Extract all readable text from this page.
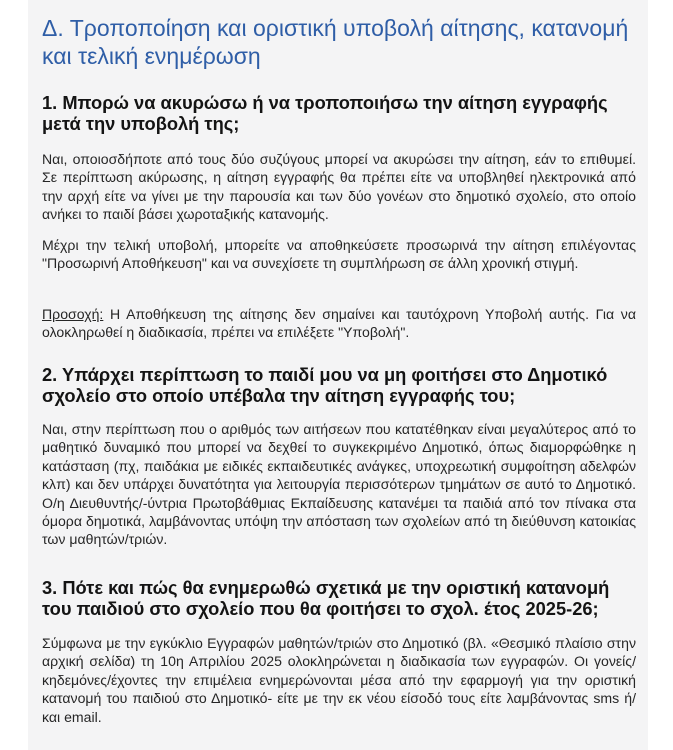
Δ. Τροποποίηση και οριστική υποβολή αίτησης, κατανομή και τελική ενημέρωση
1. Μπορώ να ακυρώσω ή να τροποποιήσω την αίτηση εγγραφής μετά την υποβολή της;

Ναι, οποιοσδήποτε από τους δύο συζύγους μπορεί να ακυρώσει την αίτηση, εάν το επιθυμεί. Σε περίπτωση ακύρωσης, η αίτηση εγγραφής θα πρέπει είτε να υποβληθεί ηλεκτρονικά από την αρχή είτε να γίνει με την παρουσία και των δύο γονέων στο δημοτικό σχολείο, στο οποίο ανήκει το παιδί βάσει χωροταξικής κατανομής.

Μέχρι την τελική υποβολή, μπορείτε να αποθηκεύσετε προσωρινά την αίτηση επιλέγοντας "Προσωρινή Αποθήκευση" και να συνεχίσετε τη συμπλήρωση σε άλλη χρονική στιγμή.

Προσοχή: Η Αποθήκευση της αίτησης δεν σημαίνει και ταυτόχρονη Υποβολή αυτής. Για να ολοκληρωθεί η διαδικασία, πρέπει να επιλέξετε "Υποβολή".

2. Υπάρχει περίπτωση το παιδί μου να μη φοιτήσει στο Δημοτικό σχολείο στο οποίο υπέβαλα την αίτηση εγγραφής του;

Ναι, στην περίπτωση που ο αριθμός των αιτήσεων που κατατέθηκαν είναι μεγαλύτερος από το μαθητικό δυναμικό που μπορεί να δεχθεί το συγκεκριμένο Δημοτικό, όπως διαμορφώθηκε η κατάσταση (πχ, παιδάκια με ειδικές εκπαιδευτικές ανάγκες, υποχρεωτική συμφοίτηση αδελφών κλπ) και δεν υπάρχει δυνατότητα για λειτουργία περισσότερων τμημάτων σε αυτό το Δημοτικό. Ο/η Διευθυντής/-ύντρια Πρωτοβάθμιας Εκπαίδευσης κατανέμει τα παιδιά από τον πίνακα στα όμορα δημοτικά, λαμβάνοντας υπόψη την απόσταση των σχολείων από τη διεύθυνση κατοικίας των μαθητών/τριών.

3. Πότε και πώς θα ενημερωθώ σχετικά με την οριστική κατανομή του παιδιού στο σχολείο που θα φοιτήσει το σχολ. έτος 2025-26;

Σύμφωνα με την εγκύκλιο Εγγραφών μαθητών/τριών στο Δημοτικό (βλ. «Θεσμικό πλαίσιο στην αρχική σελίδα) τη 10η Απριλίου 2025 ολοκληρώνεται η διαδικασία των εγγραφών. Οι γονείς/κηδεμόνες/έχοντες την επιμέλεια ενημερώνονται μέσα από την εφαρμογή για την οριστική κατανομή του παιδιού στο Δημοτικό- είτε με την εκ νέου είσοδό τους είτε λαμβάνοντας sms ή/ και email.
